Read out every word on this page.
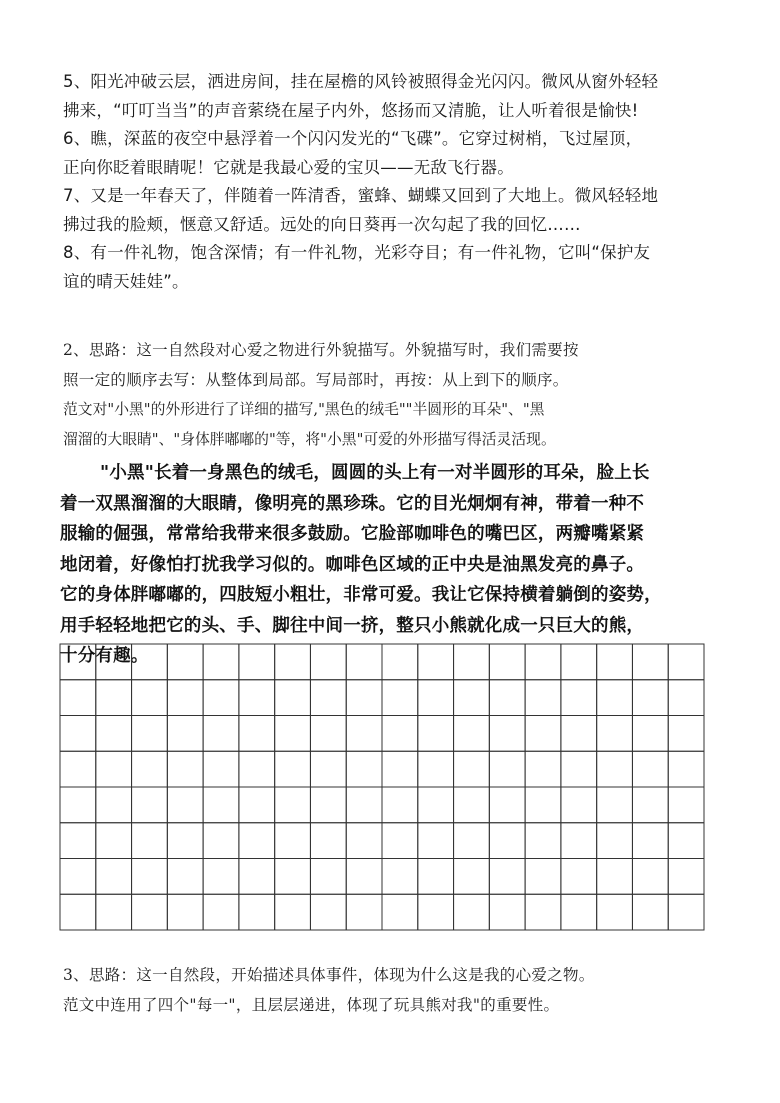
5、阳光冲破云层，洒进房间，挂在屋檐的风铃被照得金光闪闪。微风从窗外轻轻

拂来，“叮叮当当”的声音萦绕在屋子内外，悠扬而又清脆，让人听着很是愉快!

6、瞧，深蓝的夜空中悬浮着一个闪闪发光的“飞碟”。它穿过树梢，飞过屋顶，

正向你眨着眼睛呢！它就是我最心爱的宝贝——无敌飞行器。

7、又是一年春天了，伴随着一阵清香，蜜蜂、蝴蝶又回到了大地上。微风轻轻地

拂过我的脸颊，惬意又舒适。远处的向日葵再一次勾起了我的回忆……

8、有一件礼物，饱含深情；有一件礼物，光彩夺目；有一件礼物，它叫“保护友

谊的晴天娃娃”。

2、思路：这一自然段对心爱之物进行外貌描写。外貌描写时，我们需要按

照一定的顺序去写：从整体到局部。写局部时，再按：从上到下的顺序。

范文对"小黑"的外形进行了详细的描写,"黑色的绒毛""半圆形的耳朵"、"黑

溜溜的大眼睛"、"身体胖嘟嘟的"等，将"小黑"可爱的外形描写得活灵活现。

"小黑"长着一身黑色的绒毛，圆圆的头上有一对半圆形的耳朵，脸上长

着一双黑溜溜的大眼睛，像明亮的黑珍珠。它的目光炯炯有神，带着一种不

服输的倔强，常常给我带来很多鼓励。它脸部咖啡色的嘴巴区，两瓣嘴紧紧

地闭着，好像怕打扰我学习似的。咖啡色区域的正中央是油黑发亮的鼻子。

它的身体胖嘟嘟的，四肢短小粗壮，非常可爱。我让它保持横着躺倒的姿势，

用手轻轻地把它的头、手、脚往中间一挤，整只小熊就化成一只巨大的熊，

十分有趣。

3、思路：这一自然段，开始描述具体事件，体现为什么这是我的心爱之物。

范文中连用了四个"每一"，且层层递进，体现了玩具熊对我"的重要性。
